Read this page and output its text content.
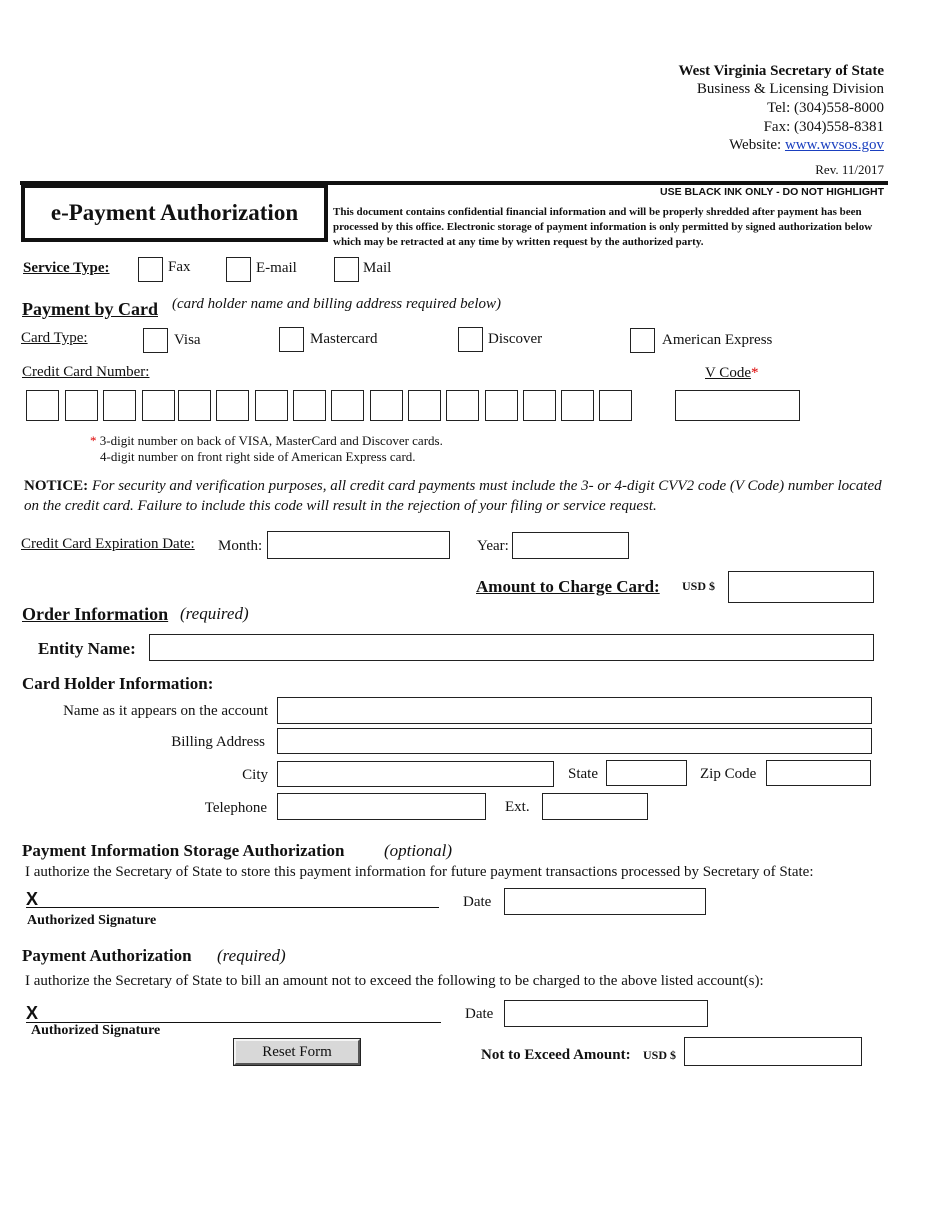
West Virginia Secretary of State
Business & Licensing Division
Tel: (304)558-8000
Fax: (304)558-8381
Website: www.wvsos.gov
Rev. 11/2017
e-Payment Authorization
USE BLACK INK ONLY - DO NOT HIGHLIGHT
This document contains confidential financial information and will be properly shredded after payment has been processed by this office. Electronic storage of payment information is only permitted by signed authorization below which may be retracted at any time by written request by the authorized party.
Service Type:	Fax	E-mail	Mail
Payment by Card (card holder name and billing address required below)
Card Type:	Visa	Mastercard	Discover	American Express
Credit Card Number:	V Code*
* 3-digit number on back of VISA, MasterCard and Discover cards.
4-digit number on front right side of American Express card.
NOTICE: For security and verification purposes, all credit card payments must include the 3- or 4-digit CVV2 code (V Code) number located on the credit card. Failure to include this code will result in the rejection of your filing or service request.
Credit Card Expiration Date: Month:	Year:
Amount to Charge Card: USD $
Order Information (required)
Entity Name:
Card Holder Information:
Name as it appears on the account
Billing Address
City	State	Zip Code
Telephone	Ext.
Payment Information Storage Authorization (optional)
I authorize the Secretary of State to store this payment information for future payment transactions processed by Secretary of State:
X
Authorized Signature
Date
Payment Authorization (required)
I authorize the Secretary of State to bill an amount not to exceed the following to be charged to the above listed account(s):
X
Authorized Signature
Date
Reset Form	Not to Exceed Amount: USD $
